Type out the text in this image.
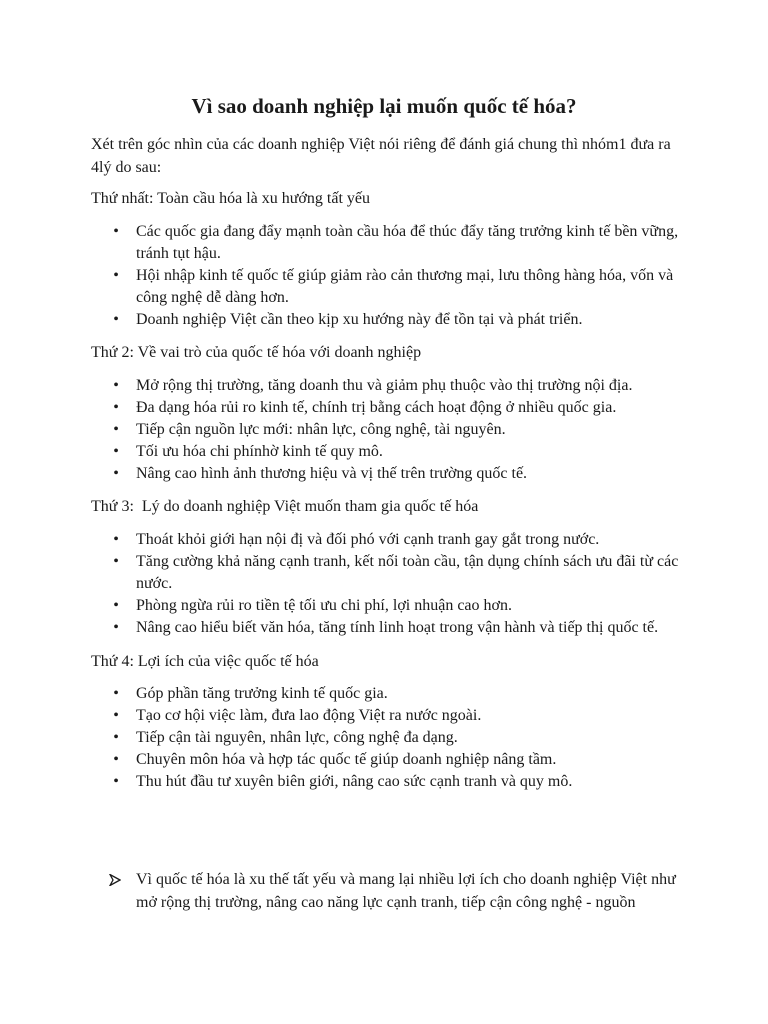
Vì sao doanh nghiệp lại muốn quốc tế hóa?

Xét trên góc nhìn của các doanh nghiệp Việt nói riêng để đánh giá chung thì nhóm1 đưa ra 4lý do sau:

Thứ nhất: Toàn cầu hóa là xu hướng tất yếu

• Các quốc gia đang đẩy mạnh toàn cầu hóa để thúc đẩy tăng trưởng kinh tế bền vững, tránh tụt hậu.
• Hội nhập kinh tế quốc tế giúp giảm rào cản thương mại, lưu thông hàng hóa, vốn và công nghệ dễ dàng hơn.
• Doanh nghiệp Việt cần theo kịp xu hướng này để tồn tại và phát triển.

Thứ 2: Về vai trò của quốc tế hóa với doanh nghiệp

• Mở rộng thị trường, tăng doanh thu và giảm phụ thuộc vào thị trường nội địa.
• Đa dạng hóa rủi ro kinh tế, chính trị bằng cách hoạt động ở nhiều quốc gia.
• Tiếp cận nguồn lực mới: nhân lực, công nghệ, tài nguyên.
• Tối ưu hóa chi phínhờ kinh tế quy mô.
• Nâng cao hình ảnh thương hiệu và vị thế trên trường quốc tế.

Thứ 3:  Lý do doanh nghiệp Việt muốn tham gia quốc tế hóa

• Thoát khỏi giới hạn nội đị và đối phó với cạnh tranh gay gắt trong nước.
• Tăng cường khả năng cạnh tranh, kết nối toàn cầu, tận dụng chính sách ưu đãi từ các nước.
• Phòng ngừa rủi ro tiền tệ tối ưu chi phí, lợi nhuận cao hơn.
• Nâng cao hiểu biết văn hóa, tăng tính linh hoạt trong vận hành và tiếp thị quốc tế.

Thứ 4: Lợi ích của việc quốc tế hóa

• Góp phần tăng trưởng kinh tế quốc gia.
• Tạo cơ hội việc làm, đưa lao động Việt ra nước ngoài.
• Tiếp cận tài nguyên, nhân lực, công nghệ đa dạng.
• Chuyên môn hóa và hợp tác quốc tế giúp doanh nghiệp nâng tầm.
• Thu hút đầu tư xuyên biên giới, nâng cao sức cạnh tranh và quy mô.
Vì quốc tế hóa là xu thế tất yếu và mang lại nhiều lợi ích cho doanh nghiệp Việt như mở rộng thị trường, nâng cao năng lực cạnh tranh, tiếp cận công nghệ - nguồn
